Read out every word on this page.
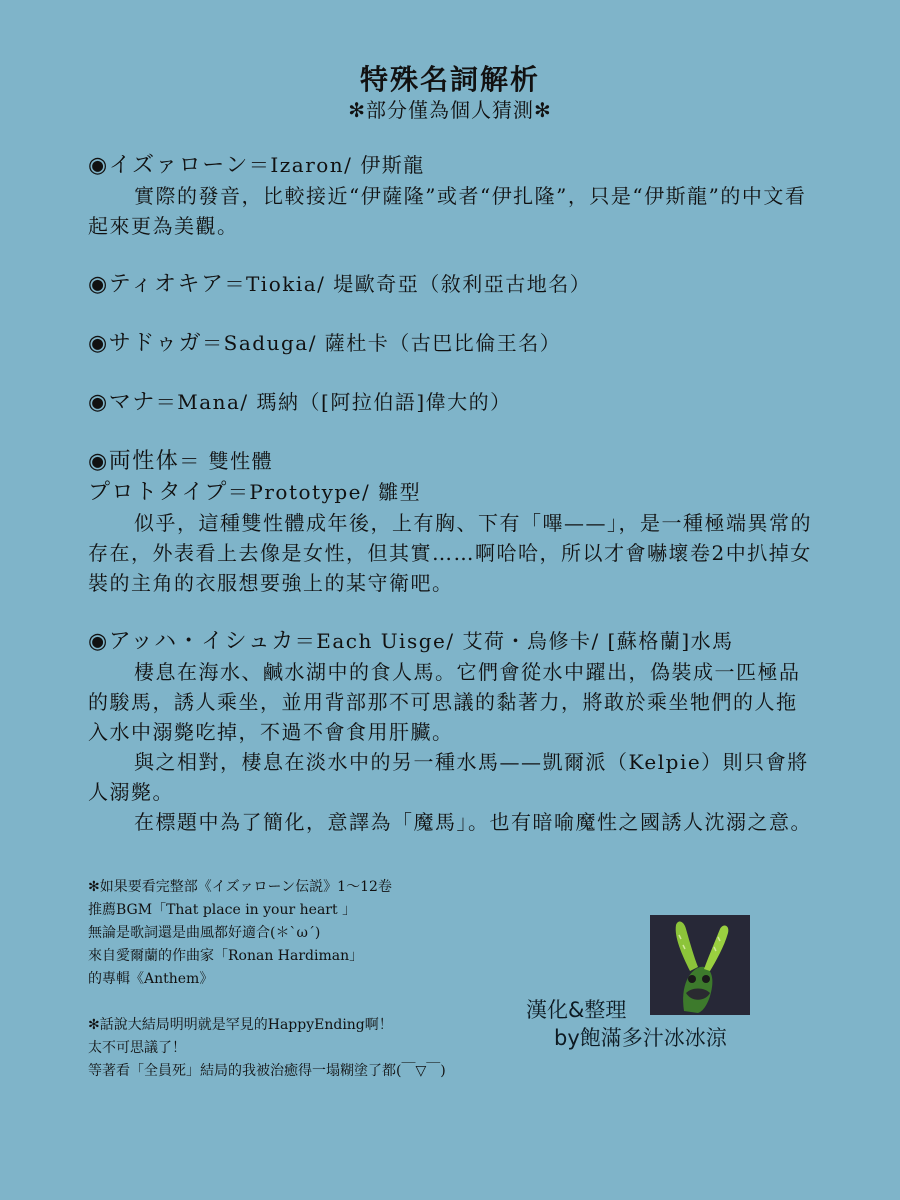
特殊名詞解析
✻部分僅為個人猜測✻
◉イズァローン＝Izaron/ 伊斯龍
實際的發音，比較接近“伊薩隆”或者“伊扎隆”，只是“伊斯龍”的中文看起來更為美觀。
◉ティオキア＝Tiokia/ 堤歐奇亞（敘利亞古地名）
◉サドゥガ＝Saduga/ 薩杜卡（古巴比倫王名）
◉マナ＝Mana/ 瑪納（[阿拉伯語]偉大的）
◉両性体＝ 雙性體
プロトタイプ＝Prototype/ 雛型
似乎，這種雙性體成年後，上有胸、下有「嗶——」，是一種極端異常的存在，外表看上去像是女性，但其實……啊哈哈，所以才會嚇壞卷2中扒掉女裝的主角的衣服想要強上的某守衛吧。
◉アッハ・イシュカ＝Each Uisge/ 艾荷・烏修卡/ [蘇格蘭]水馬
棲息在海水、鹹水湖中的食人馬。它們會從水中躍出，偽裝成一匹極品的駿馬，誘人乘坐，並用背部那不可思議的黏著力，將敢於乘坐牠們的人拖入水中溺斃吃掉，不過不會食用肝臟。
與之相對，棲息在淡水中的另一種水馬——凱爾派（Kelpie）則只會將人溺斃。
在標題中為了簡化，意譯為「魔馬」。也有暗喻魔性之國誘人沈溺之意。
✻如果要看完整部《イズァローン伝説》1～12卷
推薦BGM「That place in your heart 」
無論是歌詞還是曲風都好適合(＊`ω´)
來自愛爾蘭的作曲家「Ronan Hardiman」
的專輯《Anthem》
✻話說大結局明明就是罕見的HappyEnding啊！
太不可思議了！
等著看「全員死」結局的我被治癒得一塌糊塗了都(￣▽￣)
漢化&整理
by飽滿多汁冰冰涼
